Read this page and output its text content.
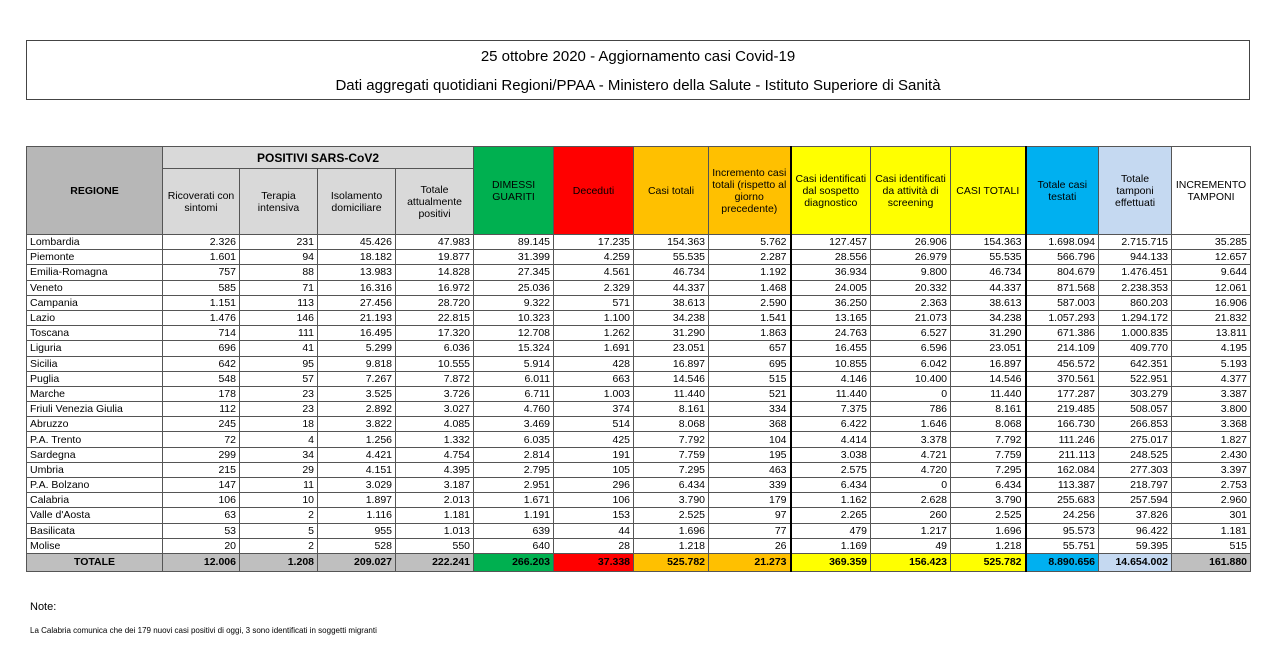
25 ottobre 2020 - Aggiornamento casi Covid-19
Dati aggregati quotidiani Regioni/PPAA - Ministero della Salute - Istituto Superiore di Sanità
REGIONE	POSITIVI SARS-CoV2				DIMESSI GUARITI	Deceduti	Casi totali	Incremento casi totali (rispetto al giorno precedente)	Casi identificati dal sospetto diagnostico	Casi identificati da attività di screening	CASI TOTALI	Totale casi testati	Totale tamponi effettuati	INCREMENTO TAMPONI
	Ricoverati con sintomi	Terapia intensiva	Isolamento domiciliare	Totale attualmente positivi										
Lombardia	2.326	231	45.426	47.983	89.145	17.235	154.363	5.762	127.457	26.906	154.363	1.698.094	2.715.715	35.285
Piemonte	1.601	94	18.182	19.877	31.399	4.259	55.535	2.287	28.556	26.979	55.535	566.796	944.133	12.657
Emilia-Romagna	757	88	13.983	14.828	27.345	4.561	46.734	1.192	36.934	9.800	46.734	804.679	1.476.451	9.644
Veneto	585	71	16.316	16.972	25.036	2.329	44.337	1.468	24.005	20.332	44.337	871.568	2.238.353	12.061
Campania	1.151	113	27.456	28.720	9.322	571	38.613	2.590	36.250	2.363	38.613	587.003	860.203	16.906
Lazio	1.476	146	21.193	22.815	10.323	1.100	34.238	1.541	13.165	21.073	34.238	1.057.293	1.294.172	21.832
Toscana	714	111	16.495	17.320	12.708	1.262	31.290	1.863	24.763	6.527	31.290	671.386	1.000.835	13.811
Liguria	696	41	5.299	6.036	15.324	1.691	23.051	657	16.455	6.596	23.051	214.109	409.770	4.195
Sicilia	642	95	9.818	10.555	5.914	428	16.897	695	10.855	6.042	16.897	456.572	642.351	5.193
Puglia	548	57	7.267	7.872	6.011	663	14.546	515	4.146	10.400	14.546	370.561	522.951	4.377
Marche	178	23	3.525	3.726	6.711	1.003	11.440	521	11.440	0	11.440	177.287	303.279	3.387
Friuli Venezia Giulia	112	23	2.892	3.027	4.760	374	8.161	334	7.375	786	8.161	219.485	508.057	3.800
Abruzzo	245	18	3.822	4.085	3.469	514	8.068	368	6.422	1.646	8.068	166.730	266.853	3.368
P.A. Trento	72	4	1.256	1.332	6.035	425	7.792	104	4.414	3.378	7.792	111.246	275.017	1.827
Sardegna	299	34	4.421	4.754	2.814	191	7.759	195	3.038	4.721	7.759	211.113	248.525	2.430
Umbria	215	29	4.151	4.395	2.795	105	7.295	463	2.575	4.720	7.295	162.084	277.303	3.397
P.A. Bolzano	147	11	3.029	3.187	2.951	296	6.434	339	6.434	0	6.434	113.387	218.797	2.753
Calabria	106	10	1.897	2.013	1.671	106	3.790	179	1.162	2.628	3.790	255.683	257.594	2.960
Valle d'Aosta	63	2	1.116	1.181	1.191	153	2.525	97	2.265	260	2.525	24.256	37.826	301
Basilicata	53	5	955	1.013	639	44	1.696	77	479	1.217	1.696	95.573	96.422	1.181
Molise	20	2	528	550	640	28	1.218	26	1.169	49	1.218	55.751	59.395	515
TOTALE	12.006	1.208	209.027	222.241	266.203	37.338	525.782	21.273	369.359	156.423	525.782	8.890.656	14.654.002	161.880
Note:
La Calabria comunica che dei 179 nuovi casi positivi di oggi, 3 sono identificati in soggetti migranti
